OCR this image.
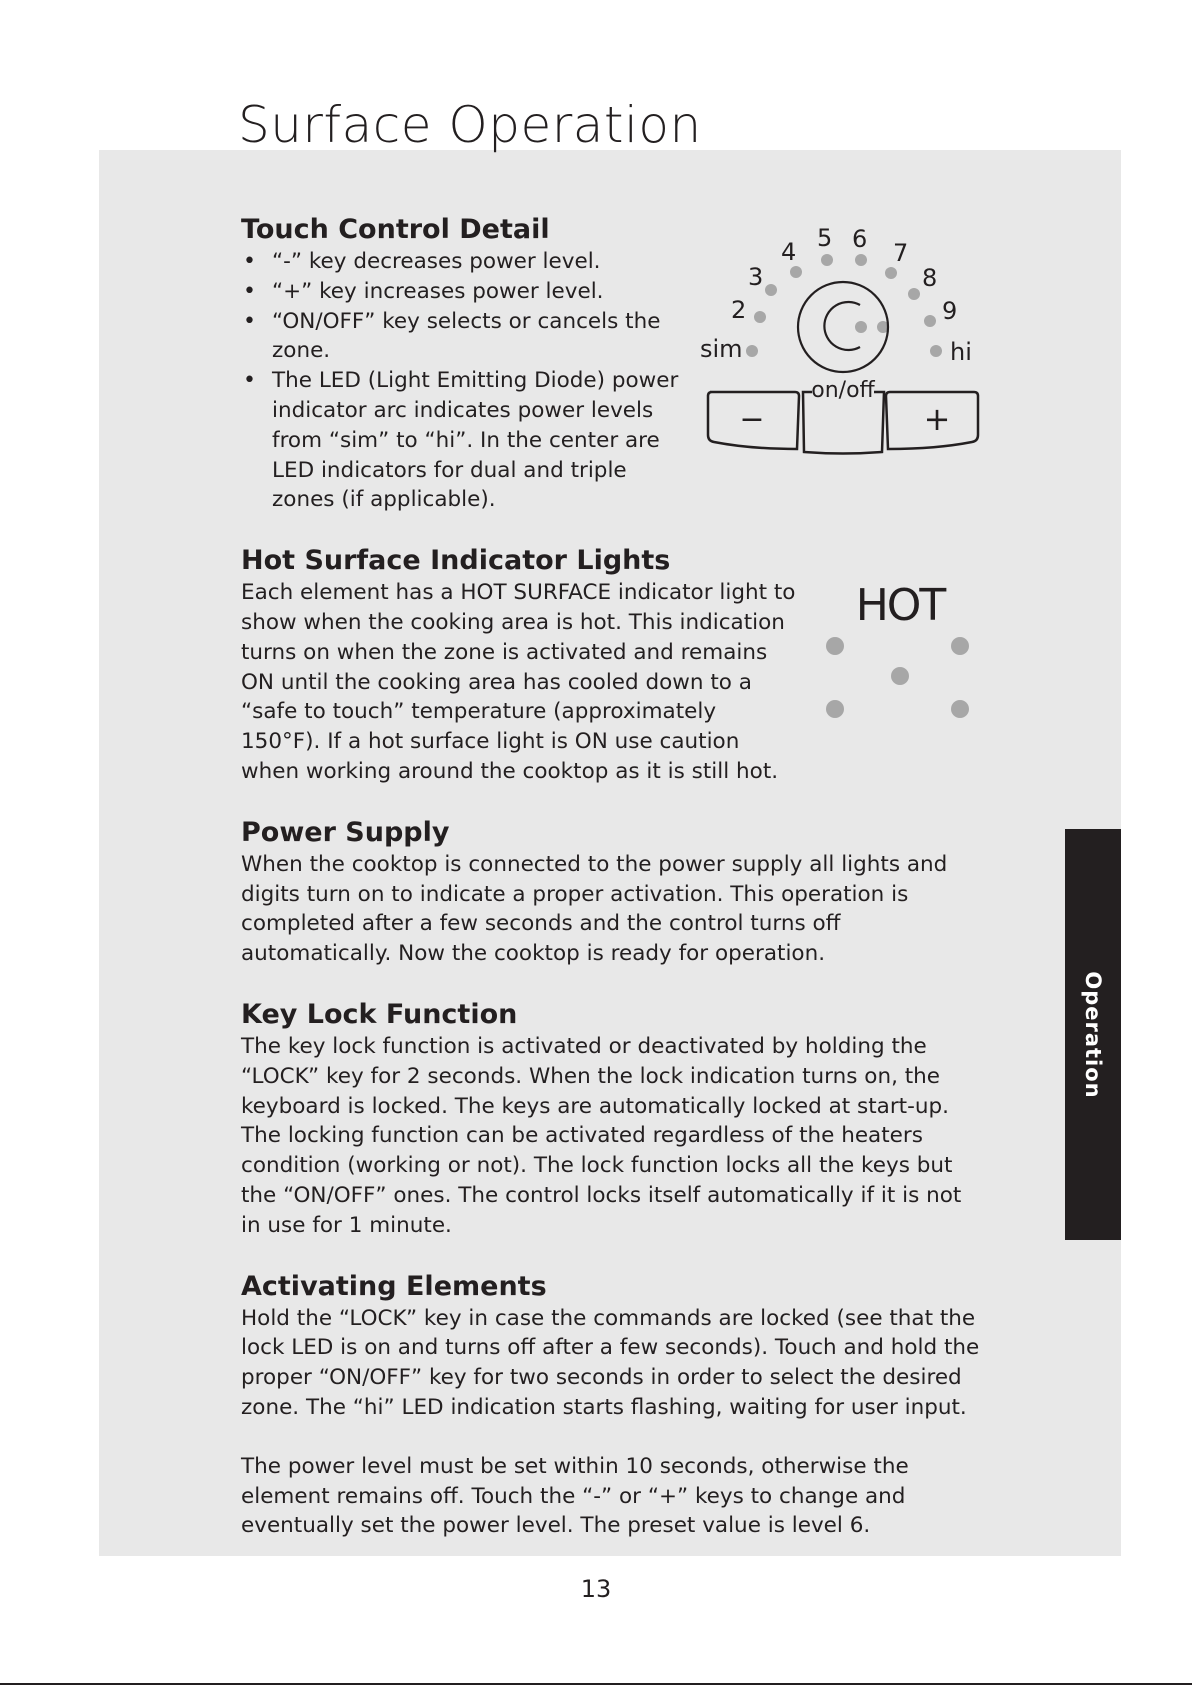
Surface Operation
Operation
Touch Control Detail
• “-” key decreases power level.
• “+” key increases power level.
• “ON/OFF” key selects or cancels the zone.
• The LED (Light Emitting Diode) power indicator arc indicates power levels from “sim” to “hi”. In the center are LED indicators for dual and triple zones (if applicable).
Hot Surface Indicator Lights

Each element has a HOT SURFACE indicator light to show when the cooking area is hot. This indication turns on when the zone is activated and remains ON until the cooking area has cooled down to a “safe to touch” temperature (approximately 150°F). If a hot surface light is ON use caution when working around the cooktop as it is still hot.

Power Supply

When the cooktop is connected to the power supply all lights and digits turn on to indicate a proper activation. This operation is completed after a few seconds and the control turns off automatically. Now the cooktop is ready for operation.

Key Lock Function

The key lock function is activated or deactivated by holding the “LOCK” key for 2 seconds. When the lock indication turns on, the keyboard is locked. The keys are automatically locked at start-up. The locking function can be activated regardless of the heaters condition (working or not). The lock function locks all the keys but the “ON/OFF” ones. The control locks itself automatically if it is not in use for 1 minute.

Activating Elements

Hold the “LOCK” key in case the commands are locked (see that the lock LED is on and turns off after a few seconds). Touch and hold the proper “ON/OFF” key for two seconds in order to select the desired zone. The “hi” LED indication starts flashing, waiting for user input.

The power level must be set within 10 seconds, otherwise the element remains off. Touch the “-” or “+” keys to change and eventually set the power level. The preset value is level 6.

sim
2
3
4 5 6 7
8
9
hi
on/off
−	+
HOT
13
